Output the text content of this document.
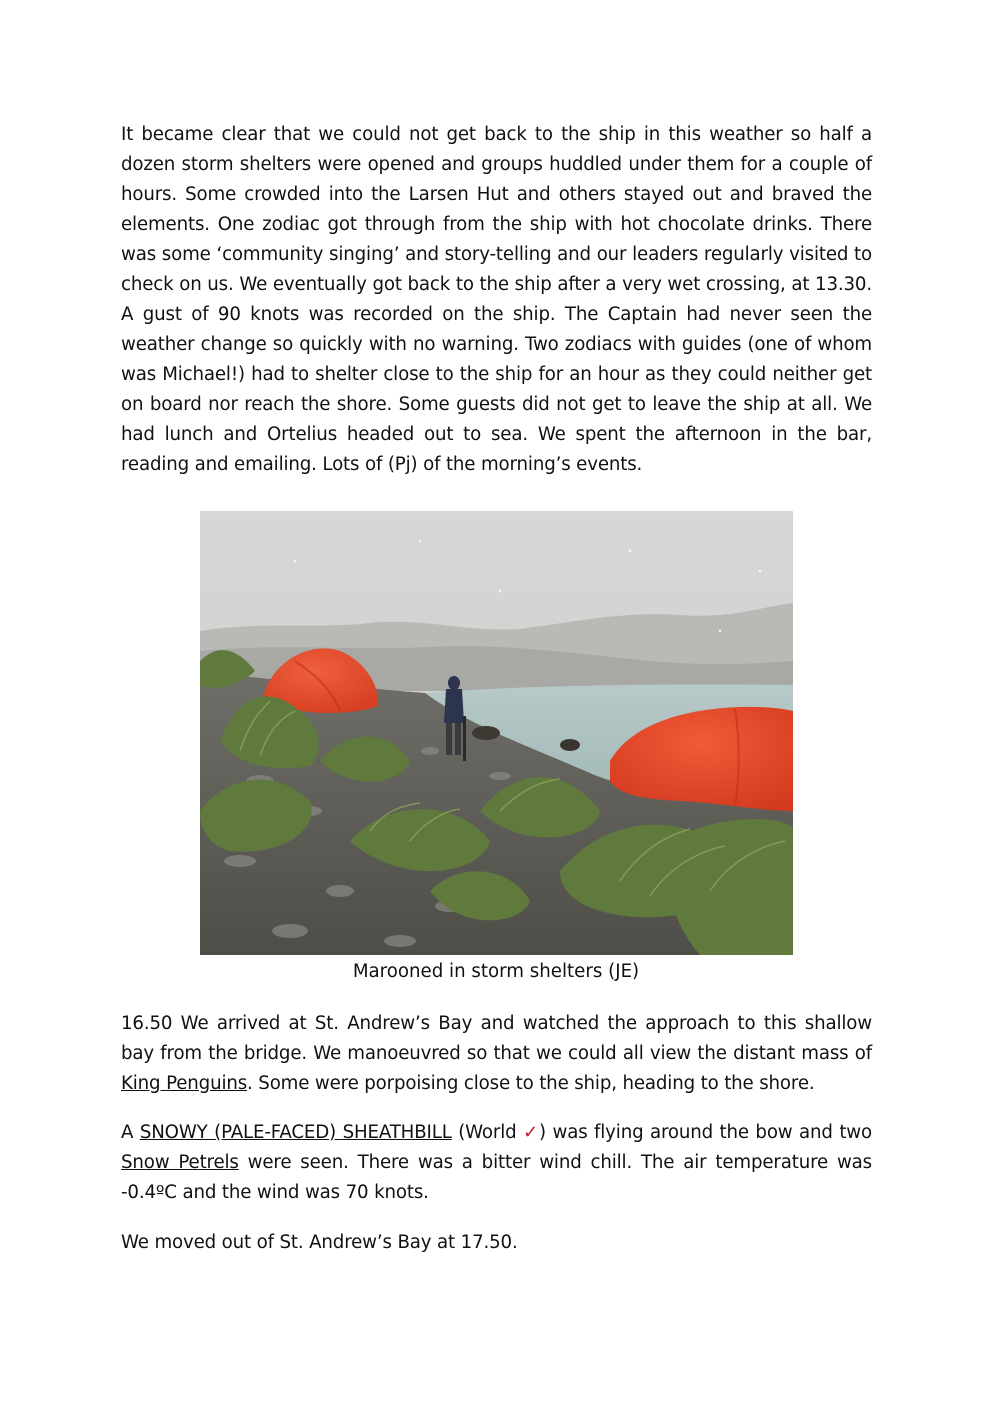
It became clear that we could not get back to the ship in this weather so half a dozen storm shelters were opened and groups huddled under them for a couple of hours. Some crowded into the Larsen Hut and others stayed out and braved the elements. One zodiac got through from the ship with hot chocolate drinks. There was some ‘community singing’ and story-telling and our leaders regularly visited to check on us. We eventually got back to the ship after a very wet crossing, at 13.30. A gust of 90 knots was recorded on the ship. The Captain had never seen the weather change so quickly with no warning. Two zodiacs with guides (one of whom was Michael!) had to shelter close to the ship for an hour as they could neither get on board nor reach the shore. Some guests did not get to leave the ship at all. We had lunch and Ortelius headed out to sea. We spent the afternoon in the bar, reading and emailing. Lots of (Pj) of the morning’s events.

Marooned in storm shelters (JE)

16.50 We arrived at St. Andrew’s Bay and watched the approach to this shallow bay from the bridge. We manoeuvred so that we could all view the distant mass of King Penguins. Some were porpoising close to the ship, heading to the shore.

A SNOWY (PALE-FACED) SHEATHBILL (World ✓) was flying around the bow and two Snow Petrels were seen. There was a bitter wind chill. The air temperature was -0.4ºC and the wind was 70 knots.

We moved out of St. Andrew’s Bay at 17.50.
